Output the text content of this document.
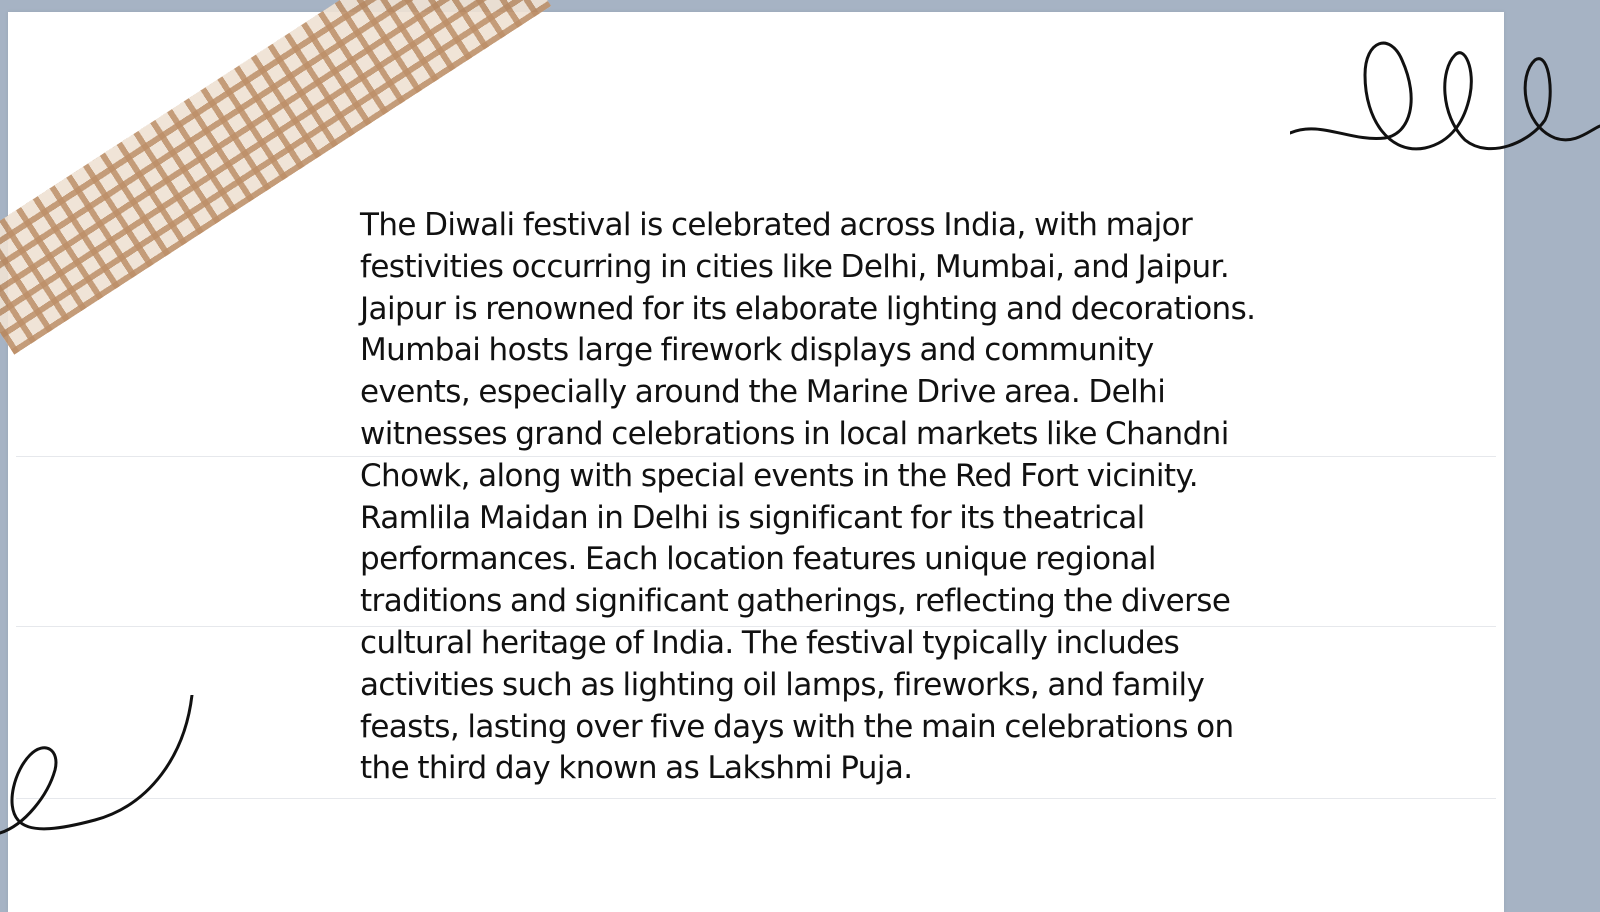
The Diwali festival is celebrated across India, with major festivities occurring in cities like Delhi, Mumbai, and Jaipur. Jaipur is renowned for its elaborate lighting and decorations. Mumbai hosts large firework displays and community events, especially around the Marine Drive area. Delhi witnesses grand celebrations in local markets like Chandni Chowk, along with special events in the Red Fort vicinity. Ramlila Maidan in Delhi is significant for its theatrical performances. Each location features unique regional traditions and significant gatherings, reflecting the diverse cultural heritage of India. The festival typically includes activities such as lighting oil lamps, fireworks, and family feasts, lasting over five days with the main celebrations on the third day known as Lakshmi Puja.
